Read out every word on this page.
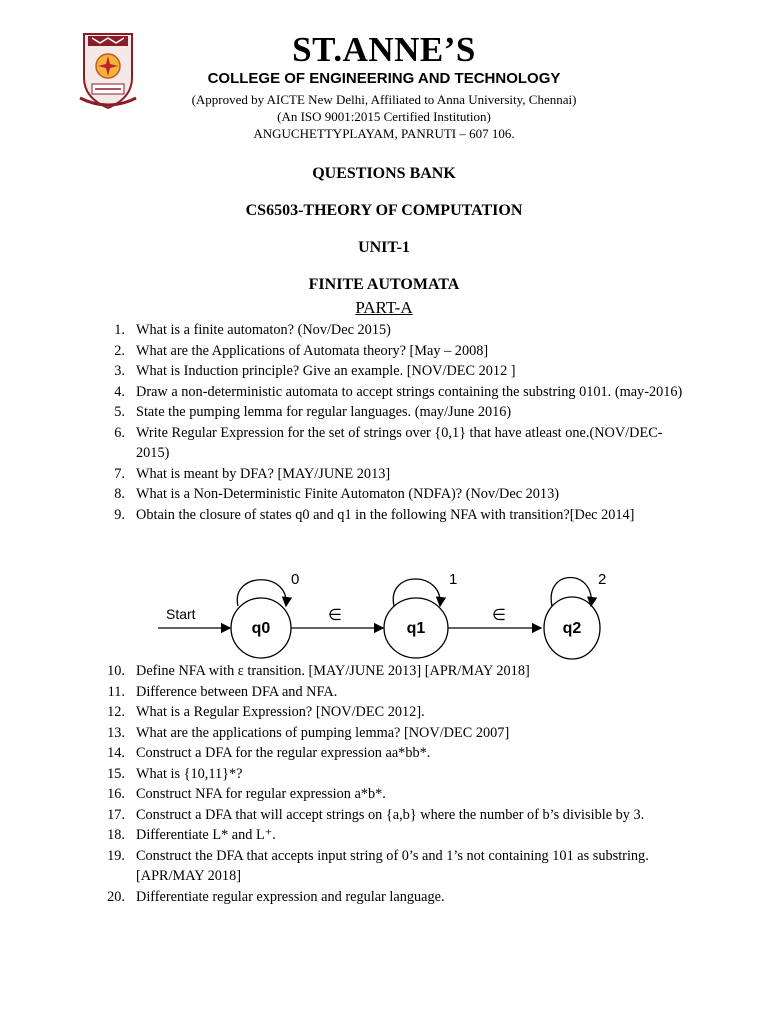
ST.ANNE’S
COLLEGE OF ENGINEERING AND TECHNOLOGY
(Approved by AICTE New Delhi, Affiliated to Anna University, Chennai)
(An ISO 9001:2015 Certified Institution)
ANGUCHETTYPLAYAM, PANRUTI – 607 106.
QUESTIONS BANK
CS6503-THEORY OF COMPUTATION
UNIT-1
FINITE AUTOMATA
PART-A
1. What is a finite automaton? (Nov/Dec 2015)
2. What are the Applications of Automata theory? [May – 2008]
3. What is Induction principle? Give an example. [NOV/DEC 2012 ]
4. Draw a non-deterministic automata to accept strings containing the substring 0101. (may-2016)
5. State the pumping lemma for regular languages. (may/June 2016)
6. Write Regular Expression for the set of strings over {0,1} that have atleast one.(NOV/DEC-2015)
7. What is meant by DFA? [MAY/JUNE 2013]
8. What is a Non-Deterministic Finite Automaton (NDFA)? (Nov/Dec 2013)
9. Obtain the closure of states q0 and q1 in the following NFA with transition?[Dec 2014]
Start
q0
0
∈
q1
1
∈
q2
2
10. Define NFA with ε transition. [MAY/JUNE 2013] [APR/MAY 2018]
11. Difference between DFA and NFA.
12. What is a Regular Expression? [NOV/DEC 2012].
13. What are the applications of pumping lemma? [NOV/DEC 2007]
14. Construct a DFA for the regular expression aa*bb*.
15. What is {10,11}*?
16. Construct NFA for regular expression a*b*.
17. Construct a DFA that will accept strings on {a,b} where the number of b’s divisible by 3.
18. Differentiate L* and L⁺.
19. Construct the DFA that accepts input string of 0’s and 1’s not containing 101 as substring. [APR/MAY 2018]
20. Differentiate regular expression and regular language.
